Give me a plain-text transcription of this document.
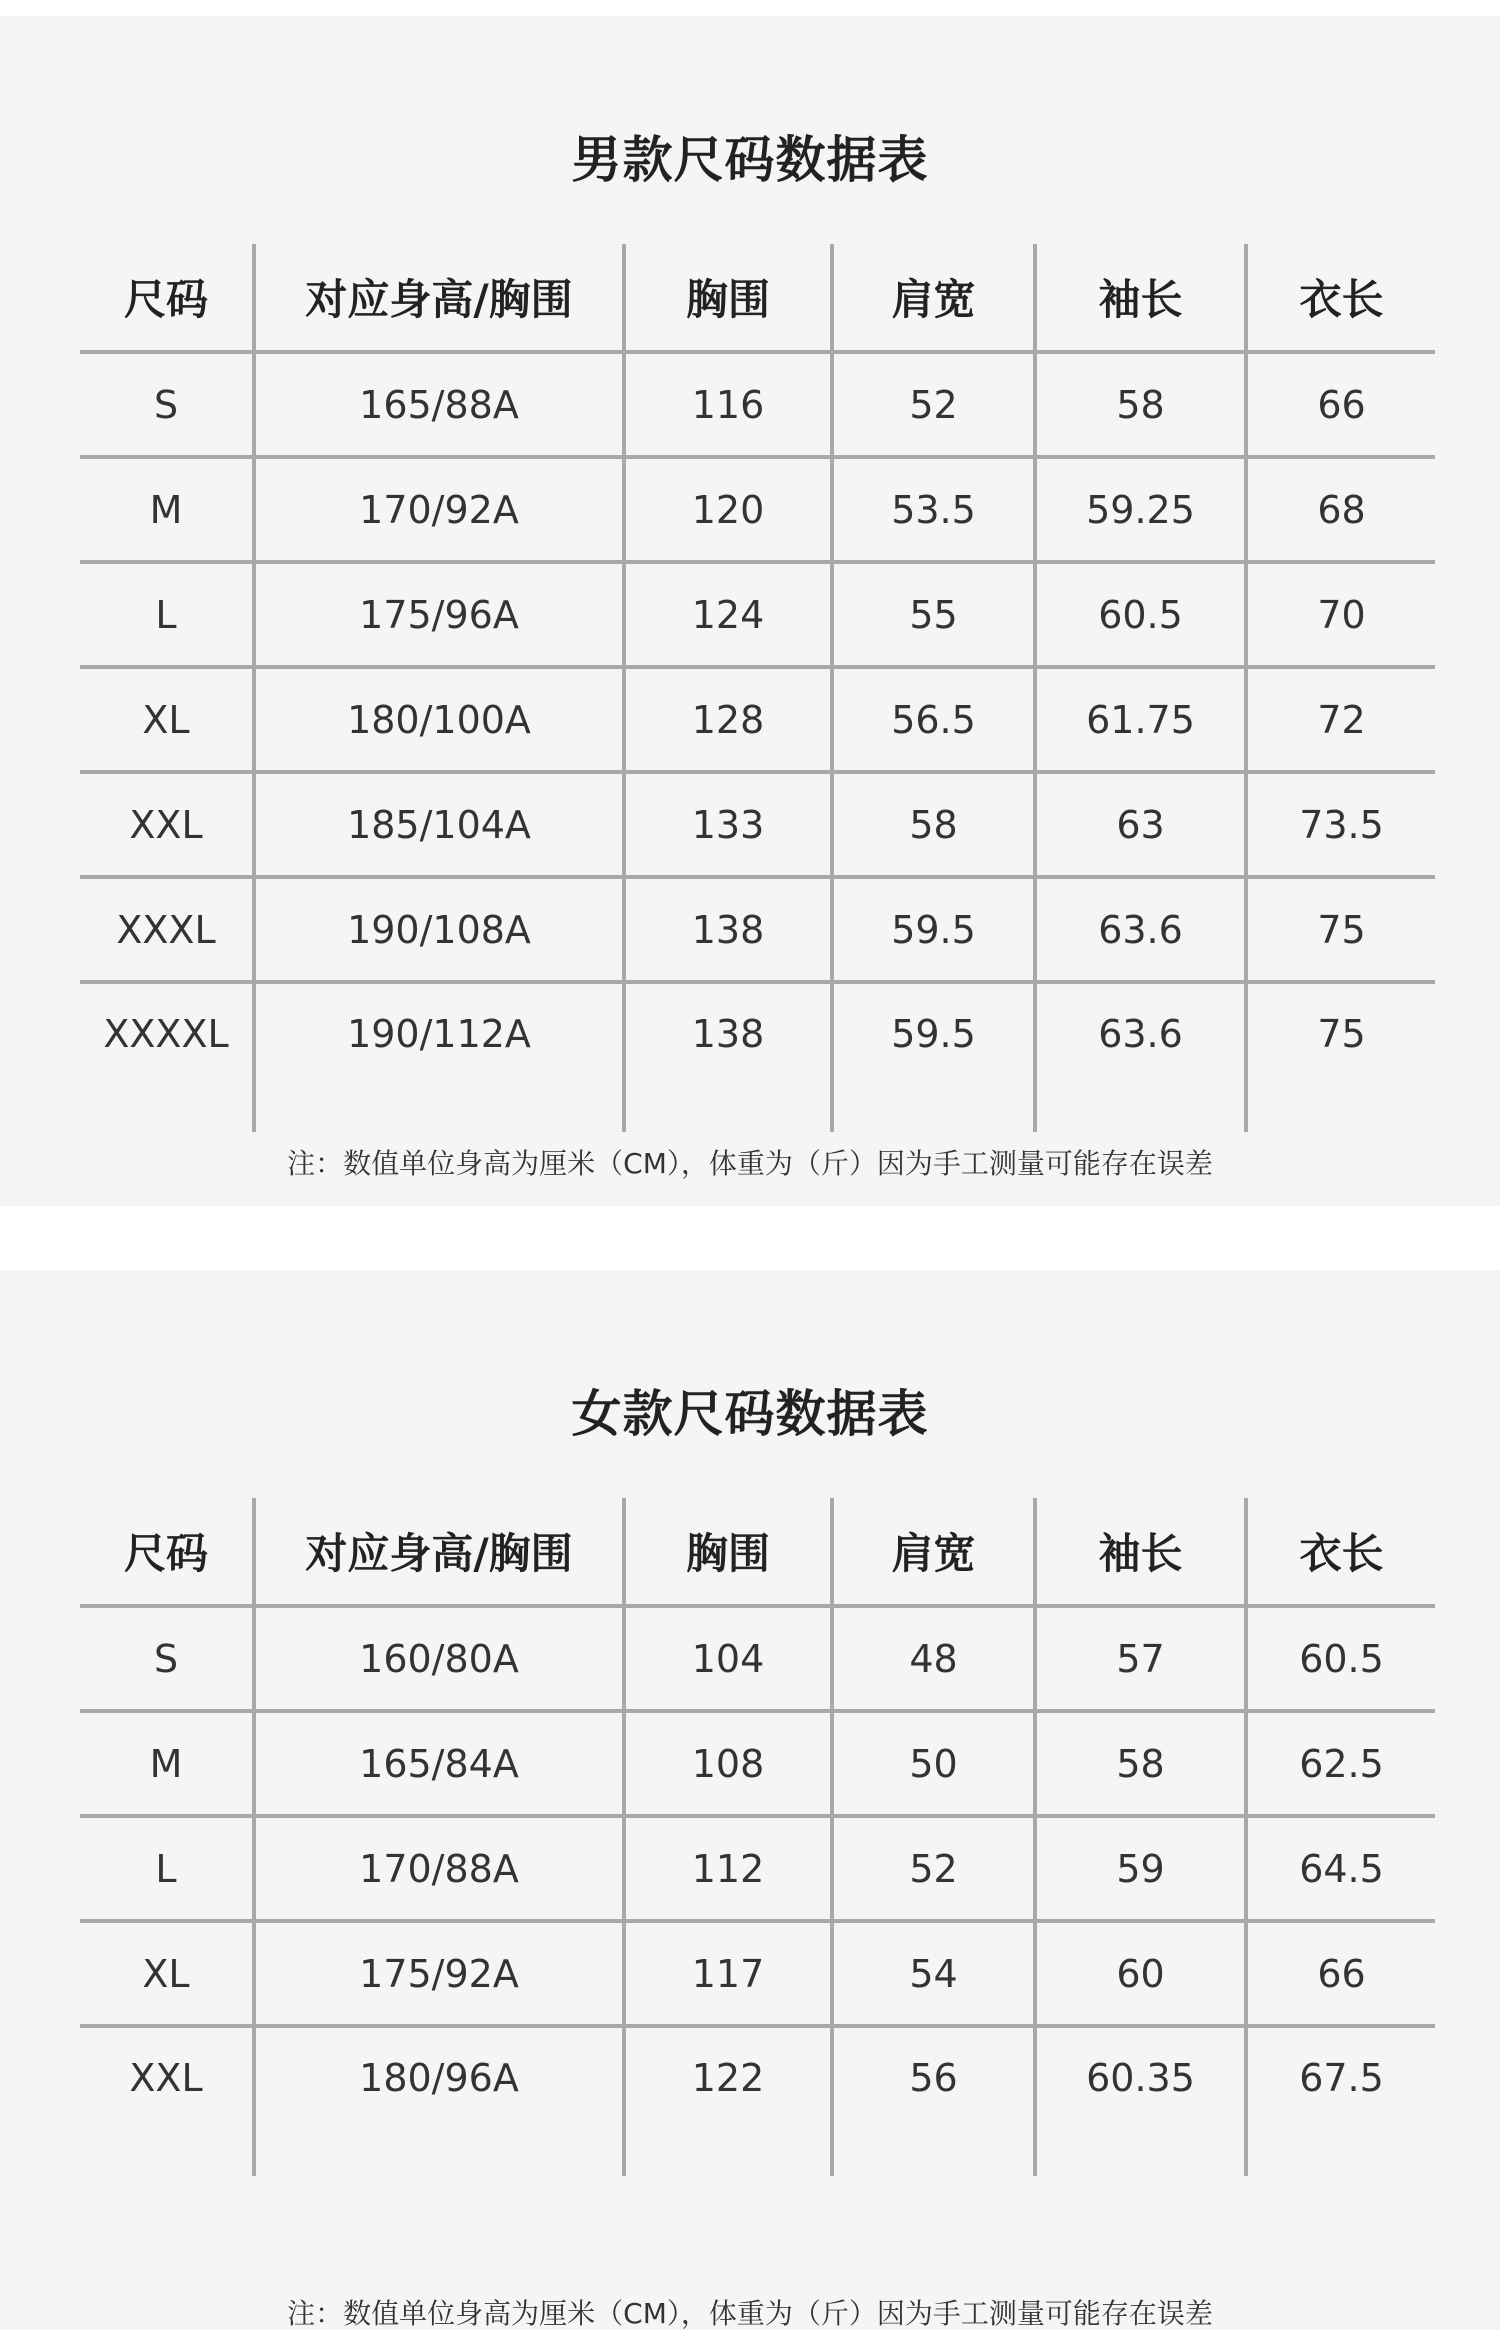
男款尺码数据表
尺码	对应身高/胸围	胸围	肩宽	袖长	衣长
S	165/88A	116	52	58	66
M	170/92A	120	53.5	59.25	68
L	175/96A	124	55	60.5	70
XL	180/100A	128	56.5	61.75	72
XXL	185/104A	133	58	63	73.5
XXXL	190/108A	138	59.5	63.6	75
XXXXL	190/112A	138	59.5	63.6	75
注：数值单位身高为厘米（CM），体重为（斤）因为手工测量可能存在误差
女款尺码数据表
尺码	对应身高/胸围	胸围	肩宽	袖长	衣长
S	160/80A	104	48	57	60.5
M	165/84A	108	50	58	62.5
L	170/88A	112	52	59	64.5
XL	175/92A	117	54	60	66
XXL	180/96A	122	56	60.35	67.5
注：数值单位身高为厘米（CM），体重为（斤）因为手工测量可能存在误差
